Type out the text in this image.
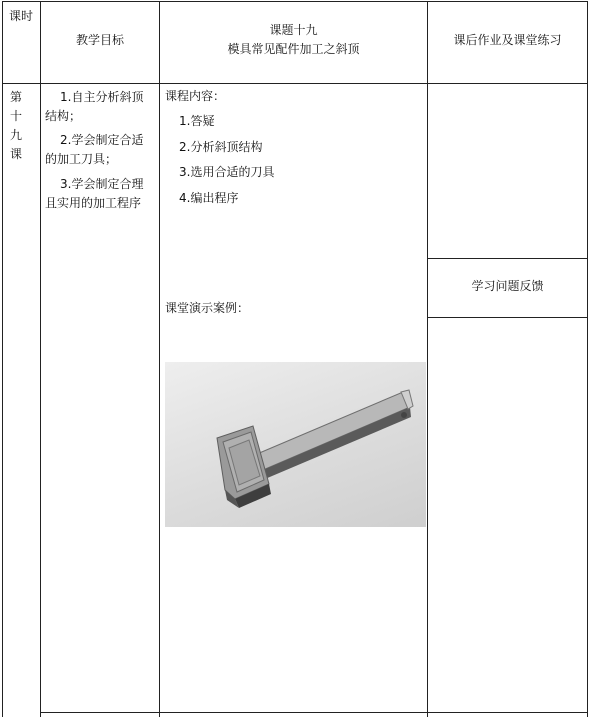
课时
教学目标
课题十九
模具常见配件加工之斜顶
课后作业及课堂练习
第
十
九
课
1.自主分析斜顶
结构；
2.学会制定合适
的加工刀具；
3.学会制定合理
且实用的加工程序
课程内容：
1.答疑
2.分析斜顶结构
3.选用合适的刀具
4.编出程序
课堂演示案例：
学习问题反馈
